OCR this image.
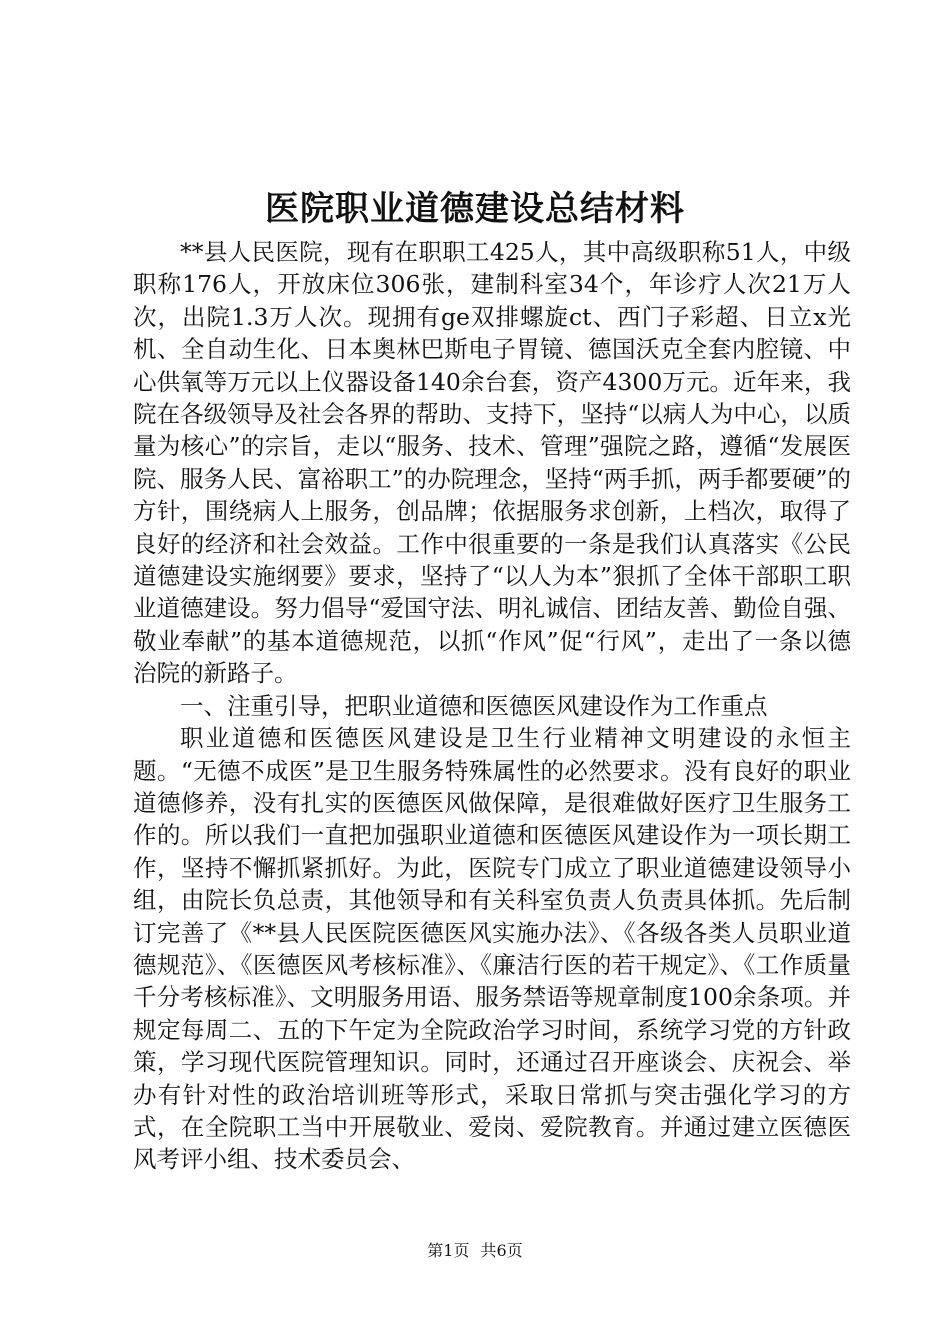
医院职业道德建设总结材料

**县人民医院，现有在职职工425人，其中高级职称51人，中级职称176人，开放床位306张，建制科室34个，年诊疗人次21万人次，出院1.3万人次。现拥有ge双排螺旋ct、西门子彩超、日立x光机、全自动生化、日本奥林巴斯电子胃镜、德国沃克全套内腔镜、中心供氧等万元以上仪器设备140余台套，资产4300万元。近年来，我院在各级领导及社会各界的帮助、支持下，坚持“以病人为中心，以质量为核心”的宗旨，走以“服务、技术、管理”强院之路，遵循“发展医院、服务人民、富裕职工”的办院理念，坚持“两手抓，两手都要硬”的方针，围绕病人上服务，创品牌；依据服务求创新，上档次，取得了良好的经济和社会效益。工作中很重要的一条是我们认真落实《公民道德建设实施纲要》要求，坚持了“以人为本”狠抓了全体干部职工职业道德建设。努力倡导“爱国守法、明礼诚信、团结友善、勤俭自强、敬业奉献”的基本道德规范，以抓“作风”促“行风”，走出了一条以德治院的新路子。

一、注重引导，把职业道德和医德医风建设作为工作重点

职业道德和医德医风建设是卫生行业精神文明建设的永恒主题。“无德不成医”是卫生服务特殊属性的必然要求。没有良好的职业道德修养，没有扎实的医德医风做保障，是很难做好医疗卫生服务工作的。所以我们一直把加强职业道德和医德医风建设作为一项长期工作，坚持不懈抓紧抓好。为此，医院专门成立了职业道德建设领导小组，由院长负总责，其他领导和有关科室负责人负责具体抓。先后制订完善了《**县人民医院医德医风实施办法》、《各级各类人员职业道德规范》、《医德医风考核标准》、《廉洁行医的若干规定》、《工作质量千分考核标准》、文明服务用语、服务禁语等规章制度100余条项。并规定每周二、五的下午定为全院政治学习时间，系统学习党的方针政策，学习现代医院管理知识。同时，还通过召开座谈会、庆祝会、举办有针对性的政治培训班等形式，采取日常抓与突击强化学习的方式，在全院职工当中开展敬业、爱岗、爱院教育。并通过建立医德医风考评小组、技术委员会、

第1页 共6页
